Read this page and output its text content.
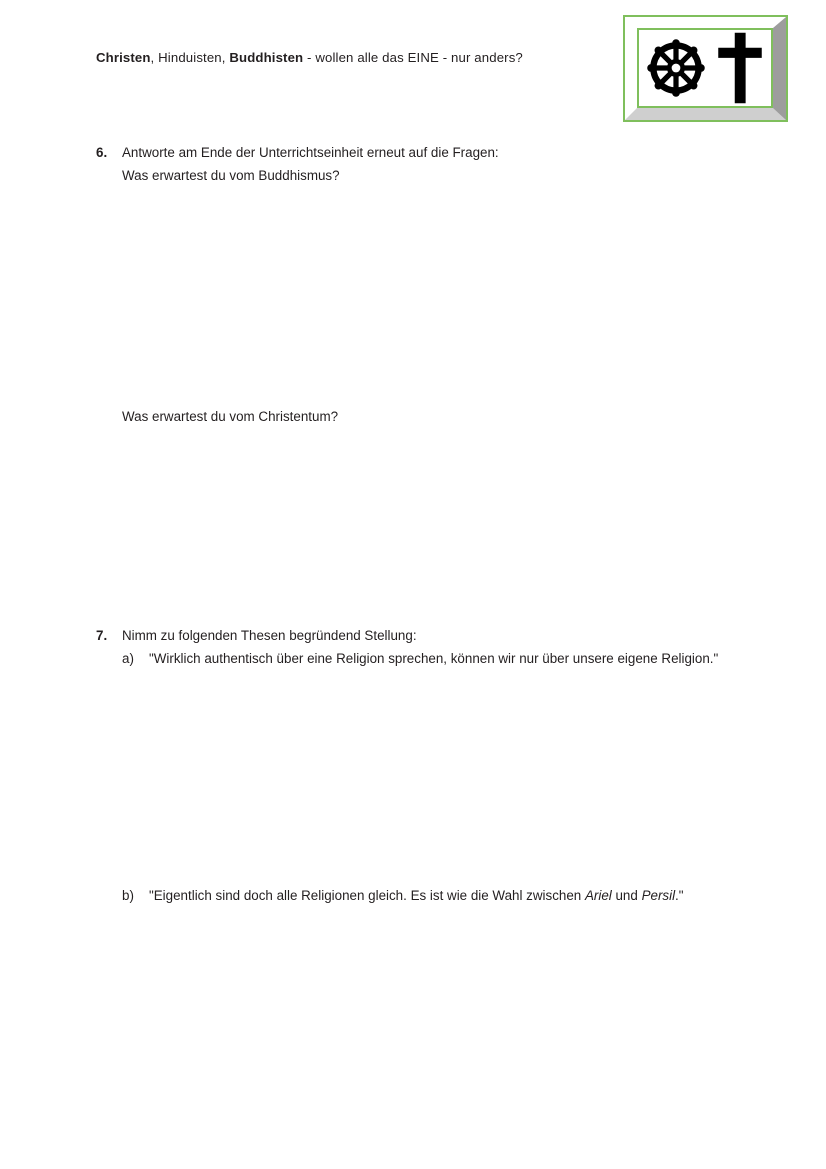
Christen, Hinduisten, Buddhisten - wollen alle das EINE - nur anders?
6.	Antworte am Ende der Unterrichtseinheit erneut auf die Fragen:
Was erwartest du vom Buddhismus?
Was erwartest du vom Christentum?
7.	Nimm zu folgenden Thesen begründend Stellung:
a)	"Wirklich authentisch über eine Religion sprechen, können wir nur über unsere eigene Religion."
b)	"Eigentlich sind doch alle Religionen gleich. Es ist wie die Wahl zwischen Ariel und Persil."
